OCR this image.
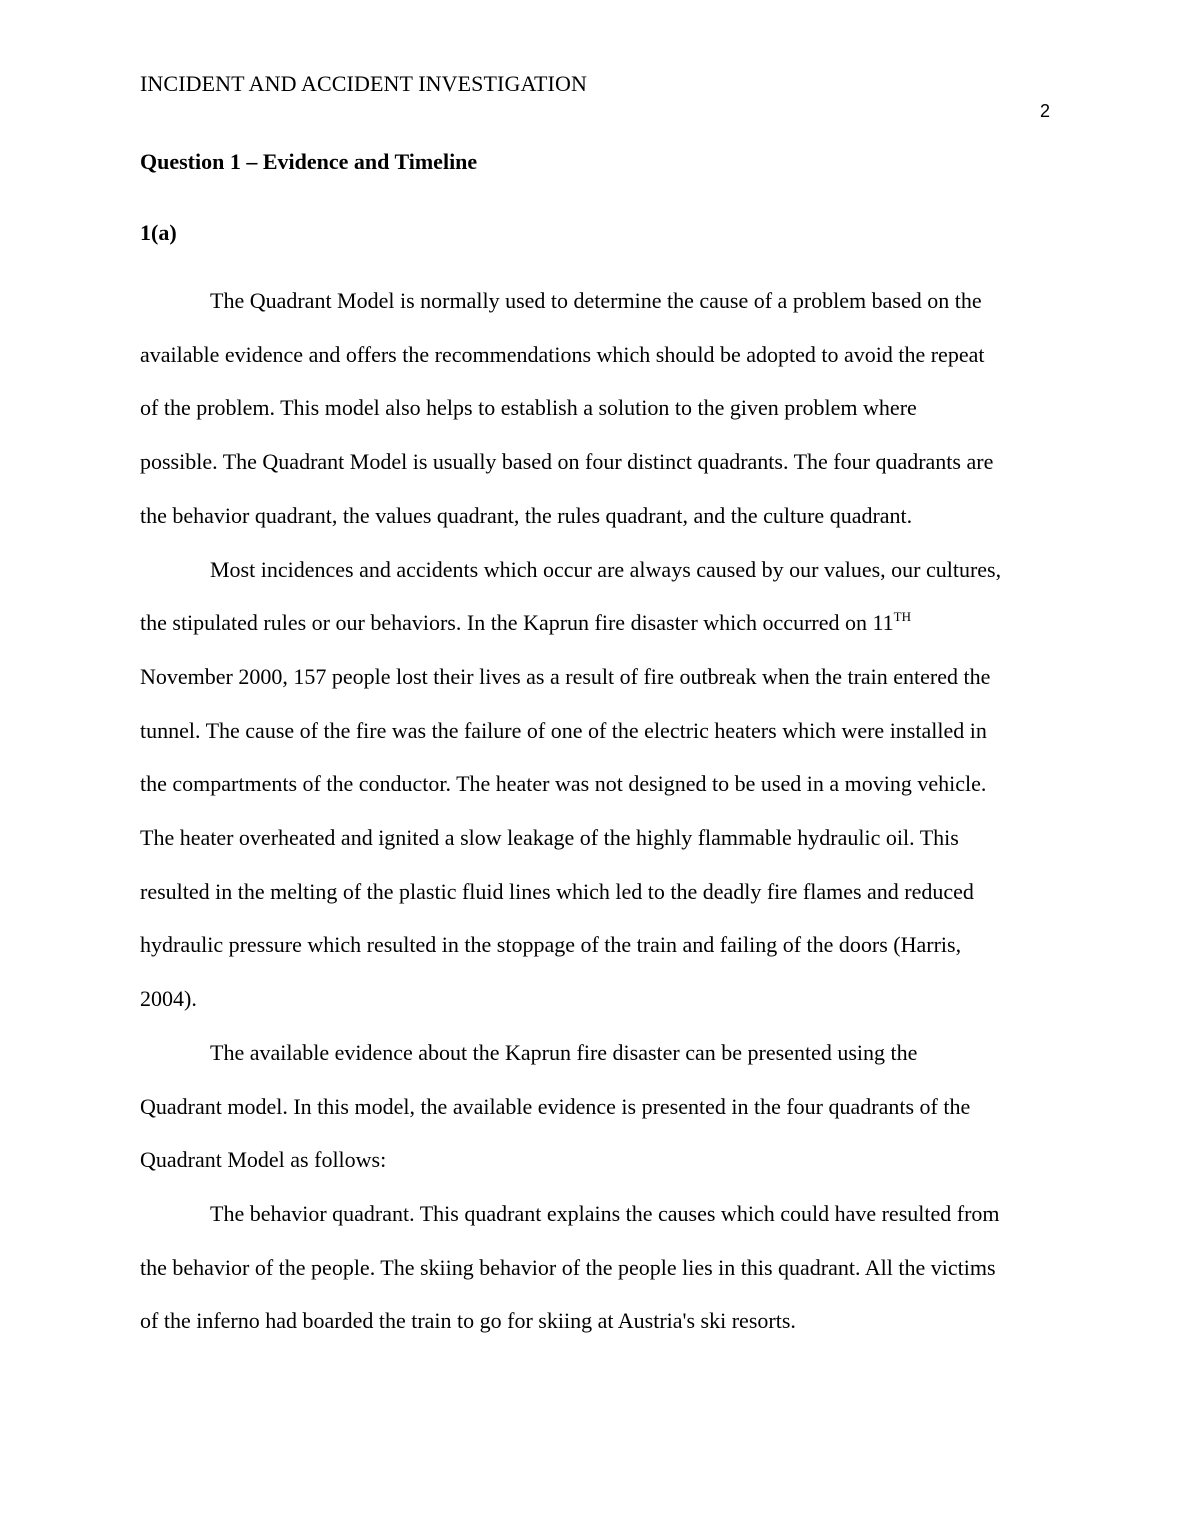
INCIDENT AND ACCIDENT INVESTIGATION
2
Question 1 – Evidence and Timeline
1(a)

The Quadrant Model is normally used to determine the cause of a problem based on the
available evidence and offers the recommendations which should be adopted to avoid the repeat
of the problem. This model also helps to establish a solution to the given problem where
possible. The Quadrant Model is usually based on four distinct quadrants. The four quadrants are
the behavior quadrant, the values quadrant, the rules quadrant, and the culture quadrant.

Most incidences and accidents which occur are always caused by our values, our cultures,
the stipulated rules or our behaviors. In the Kaprun fire disaster which occurred on 11TH
November 2000, 157 people lost their lives as a result of fire outbreak when the train entered the
tunnel. The cause of the fire was the failure of one of the electric heaters which were installed in
the compartments of the conductor. The heater was not designed to be used in a moving vehicle.
The heater overheated and ignited a slow leakage of the highly flammable hydraulic oil. This
resulted in the melting of the plastic fluid lines which led to the deadly fire flames and reduced
hydraulic pressure which resulted in the stoppage of the train and failing of the doors (Harris,
2004).

The available evidence about the Kaprun fire disaster can be presented using the
Quadrant model. In this model, the available evidence is presented in the four quadrants of the
Quadrant Model as follows:

The behavior quadrant. This quadrant explains the causes which could have resulted from
the behavior of the people. The skiing behavior of the people lies in this quadrant. All the victims
of the inferno had boarded the train to go for skiing at Austria's ski resorts.
